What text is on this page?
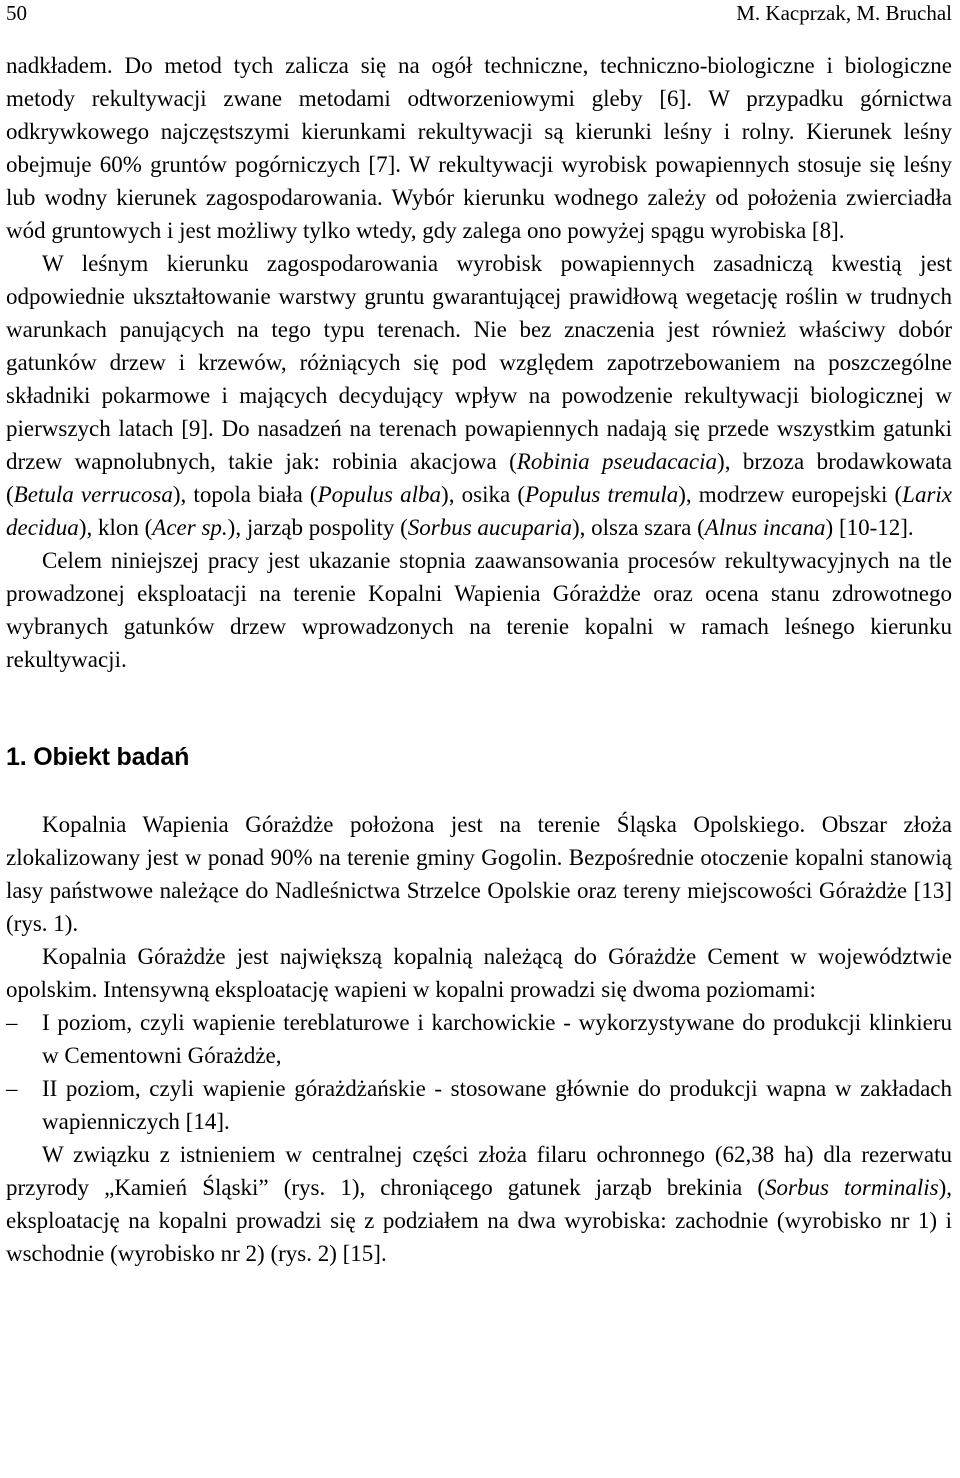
50	M. Kacprzak, M. Bruchal

nadkładem. Do metod tych zalicza się na ogół techniczne, techniczno-biologiczne i biologiczne metody rekultywacji zwane metodami odtworzeniowymi gleby [6]. W przypadku górnictwa odkrywkowego najczęstszymi kierunkami rekultywacji są kierunki leśny i rolny. Kierunek leśny obejmuje 60% gruntów pogórniczych [7]. W rekultywacji wyrobisk powapiennych stosuje się leśny lub wodny kierunek zagospodarowania. Wybór kierunku wodnego zależy od położenia zwierciadła wód gruntowych i jest możliwy tylko wtedy, gdy zalega ono powyżej spągu wyrobiska [8].

W leśnym kierunku zagospodarowania wyrobisk powapiennych zasadniczą kwestią jest odpowiednie ukształtowanie warstwy gruntu gwarantującej prawidłową wegetację roślin w trudnych warunkach panujących na tego typu terenach. Nie bez znaczenia jest również właściwy dobór gatunków drzew i krzewów, różniących się pod względem zapotrzebowaniem na poszczególne składniki pokarmowe i mających decydujący wpływ na powodzenie rekultywacji biologicznej w pierwszych latach [9]. Do nasadzeń na terenach powapiennych nadają się przede wszystkim gatunki drzew wapnolubnych, takie jak: robinia akacjowa (Robinia pseudacacia), brzoza brodawkowata (Betula verrucosa), topola biała (Populus alba), osika (Populus tremula), modrzew europejski (Larix decidua), klon (Acer sp.), jarząb pospolity (Sorbus aucuparia), olsza szara (Alnus incana) [10-12].

Celem niniejszej pracy jest ukazanie stopnia zaawansowania procesów rekultywacyjnych na tle prowadzonej eksploatacji na terenie Kopalni Wapienia Górażdże oraz ocena stanu zdrowotnego wybranych gatunków drzew wprowadzonych na terenie kopalni w ramach leśnego kierunku rekultywacji.

1. Obiekt badań

Kopalnia Wapienia Górażdże położona jest na terenie Śląska Opolskiego. Obszar złoża zlokalizowany jest w ponad 90% na terenie gminy Gogolin. Bezpośrednie otoczenie kopalni stanowią lasy państwowe należące do Nadleśnictwa Strzelce Opolskie oraz tereny miejscowości Górażdże [13] (rys. 1).

Kopalnia Górażdże jest największą kopalnią należącą do Górażdże Cement w województwie opolskim. Intensywną eksploatację wapieni w kopalni prowadzi się dwoma poziomami:

– I poziom, czyli wapienie tereblaturowe i karchowickie - wykorzystywane do produkcji klinkieru w Cementowni Górażdże,
– II poziom, czyli wapienie górażdżańskie - stosowane głównie do produkcji wapna w zakładach wapienniczych [14].

W związku z istnieniem w centralnej części złoża filaru ochronnego (62,38 ha) dla rezerwatu przyrody „Kamień Śląski” (rys. 1), chroniącego gatunek jarząb brekinia (Sorbus torminalis), eksploatację na kopalni prowadzi się z podziałem na dwa wyrobiska: zachodnie (wyrobisko nr 1) i wschodnie (wyrobisko nr 2) (rys. 2) [15].
